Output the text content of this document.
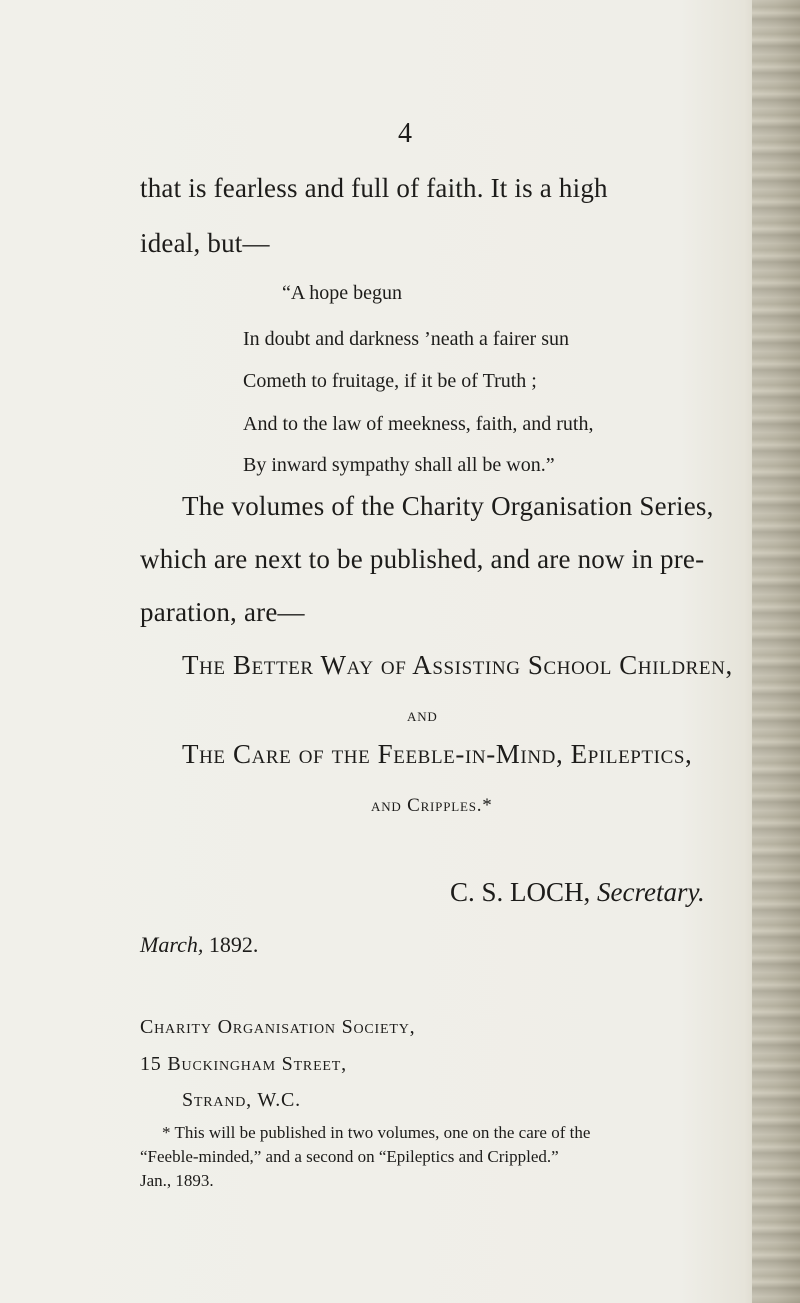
4
that is fearless and full of faith. It is a high
ideal, but—
“A hope begun
In doubt and darkness ’neath a fairer sun
Cometh to fruitage, if it be of Truth ;
And to the law of meekness, faith, and ruth,
By inward sympathy shall all be won.”
The volumes of the Charity Organisation Series,
which are next to be published, and are now in pre-
paration, are—
The Better Way of Assisting School Children,
and
The Care of the Feeble-in-Mind, Epileptics,
and Cripples.*
C. S. LOCH, Secretary.
March, 1892.
Charity Organisation Society,
15 Buckingham Street,
Strand, W.C.
* This will be published in two volumes, one on the care of the
“Feeble-minded,” and a second on “Epileptics and Crippled.”
Jan., 1893.
